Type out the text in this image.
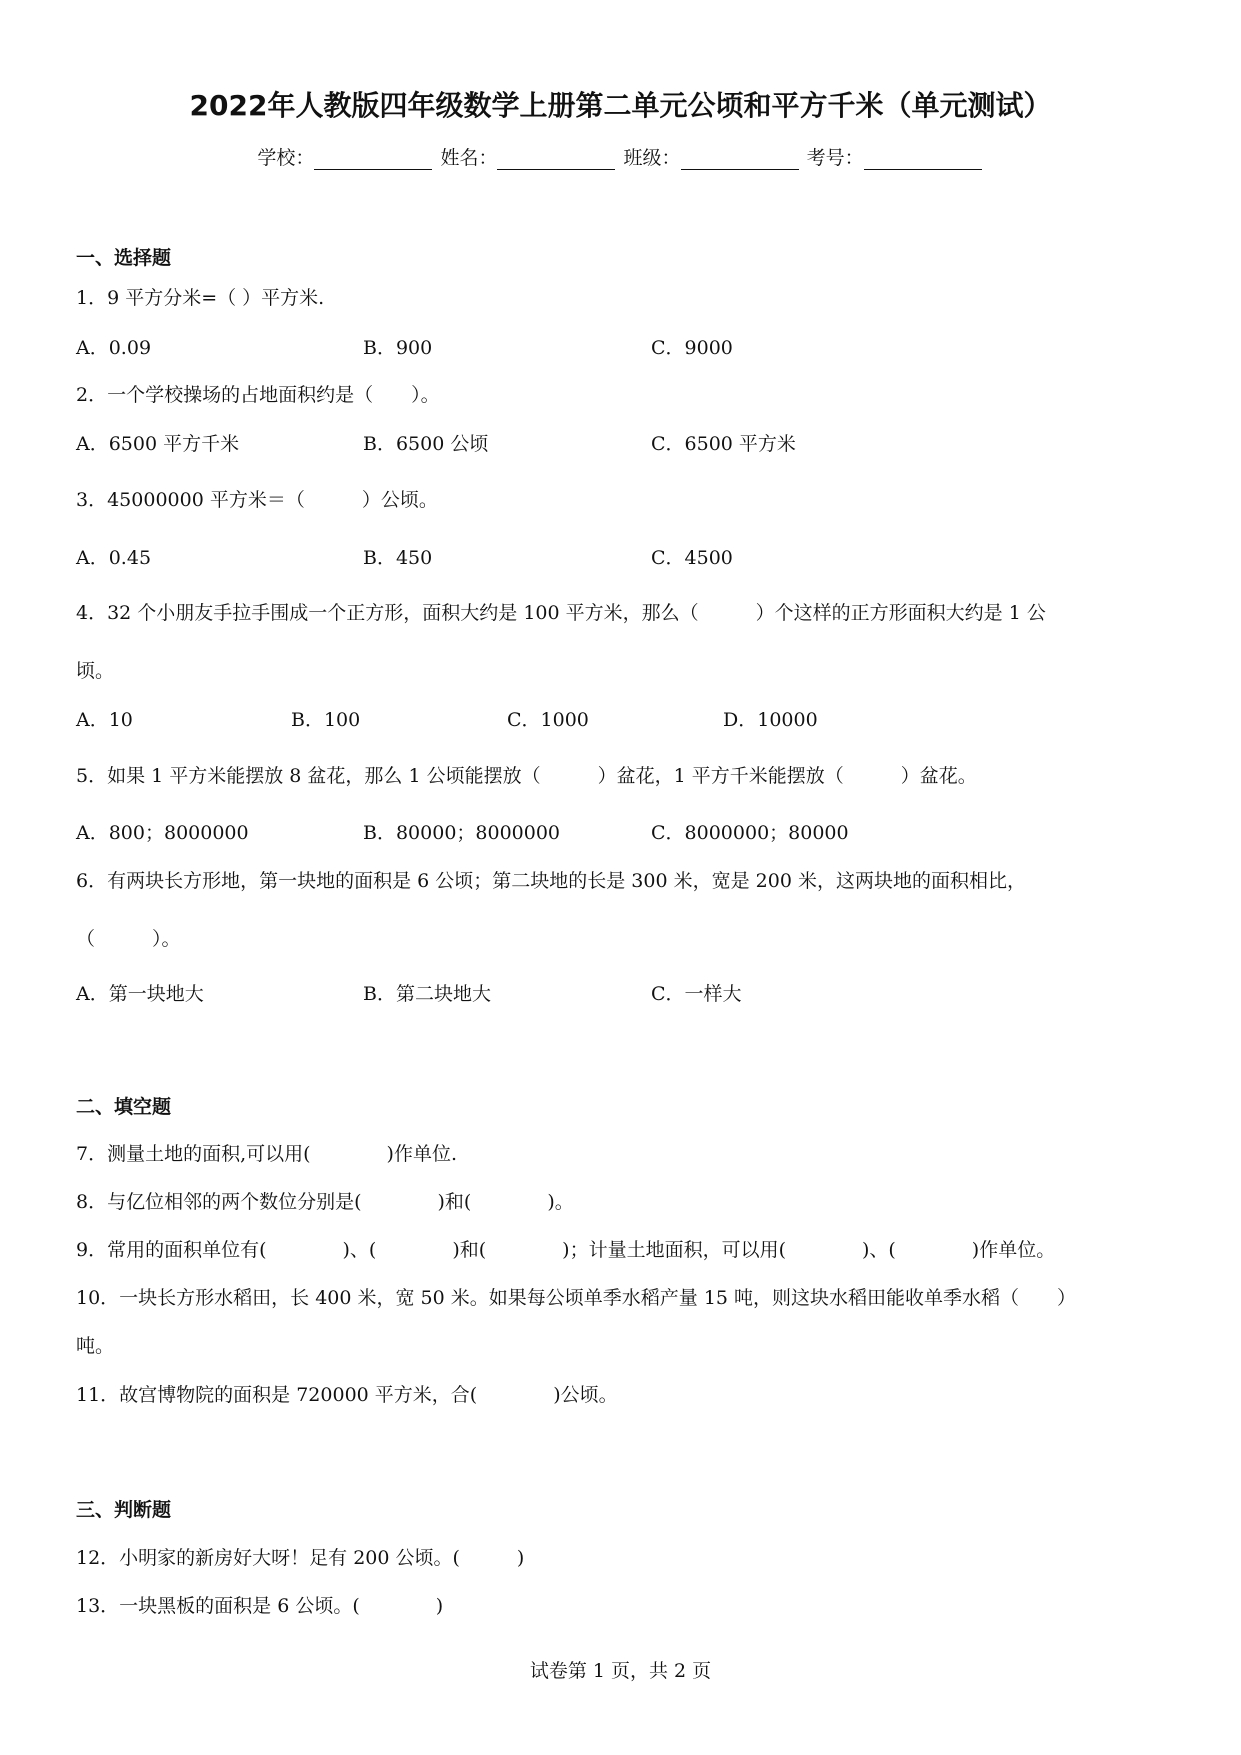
2022年人教版四年级数学上册第二单元公顷和平方千米（单元测试）
学校：	姓名：	班级：	考号：
一、选择题
1．9 平方分米=（ ）平方米.
A．0.09	B．900	C．9000
2．一个学校操场的占地面积约是（　　）。
A．6500 平方千米	B．6500 公顷	C．6500 平方米
3．45000000 平方米＝（　　　）公顷。
A．0.45	B．450	C．4500
4．32 个小朋友手拉手围成一个正方形，面积大约是 100 平方米，那么（　　　）个这样的正方形面积大约是 1 公
顷。
A．10	B．100	C．1000	D．10000
5．如果 1 平方米能摆放 8 盆花，那么 1 公顷能摆放（　　　）盆花，1 平方千米能摆放（　　　）盆花。
A．800；8000000	B．80000；8000000	C．8000000；80000
6．有两块长方形地，第一块地的面积是 6 公顷；第二块地的长是 300 米，宽是 200 米，这两块地的面积相比，
（　　　）。
A．第一块地大	B．第二块地大	C．一样大
二、填空题
7．测量土地的面积,可以用(　　　　)作单位.
8．与亿位相邻的两个数位分别是(　　　　)和(　　　　)。
9．常用的面积单位有(　　　　)、(　　　　)和(　　　　)；计量土地面积，可以用(　　　　)、(　　　　)作单位。
10．一块长方形水稻田，长 400 米，宽 50 米。如果每公顷单季水稻产量 15 吨，则这块水稻田能收单季水稻（　　）
吨。
11．故宫博物院的面积是 720000 平方米，合(　　　　)公顷。
三、判断题
12．小明家的新房好大呀！足有 200 公顷。(　　　)
13．一块黑板的面积是 6 公顷。(　　　　)
试卷第 1 页，共 2 页
